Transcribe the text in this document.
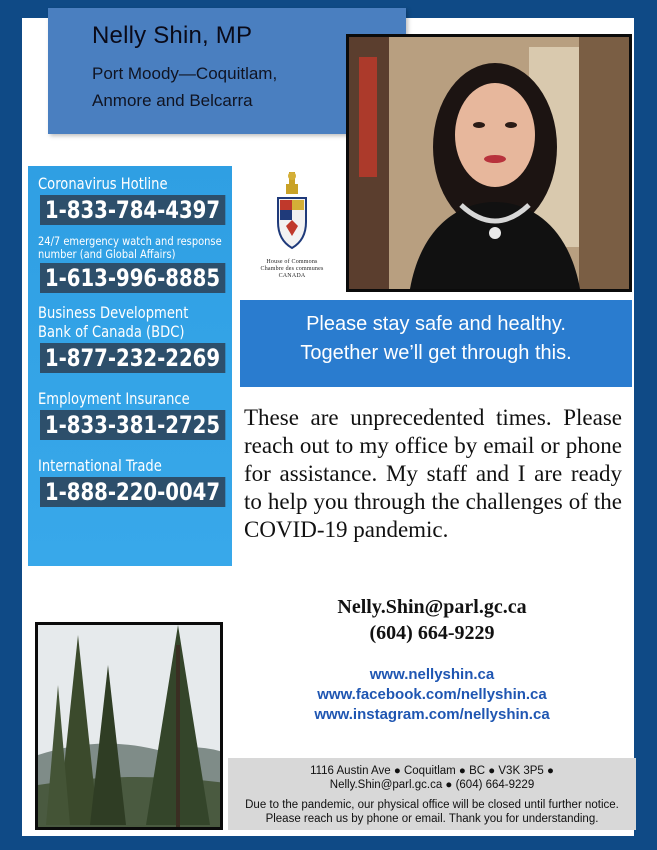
Nelly Shin, MP
Port Moody—Coquitlam,
Anmore and Belcarra
House of Commons
Chambre des communes
CANADA
Coronavirus Hotline
1-833-784-4397
24/7 emergency watch and response
number (and Global Affairs)
1-613-996-8885
Business Development
Bank of Canada (BDC)
1-877-232-2269
Employment Insurance
1-833-381-2725
International Trade
1-888-220-0047
Please stay safe and healthy.
Together we’ll get through this.
These are unprecedented times. Please reach out to my office by email or phone for assistance. My staff and I are ready to help you through the challenges of the COVID-19 pandemic.
Nelly.Shin@parl.gc.ca
(604) 664-9229
www.nellyshin.ca
www.facebook.com/nellyshin.ca
www.instagram.com/nellyshin.ca
1116 Austin Ave ● Coquitlam ● BC ● V3K 3P5 ●
Nelly.Shin@parl.gc.ca ● (604) 664-9229
Due to the pandemic, our physical office will be closed until further notice.
Please reach us by phone or email. Thank you for understanding.
